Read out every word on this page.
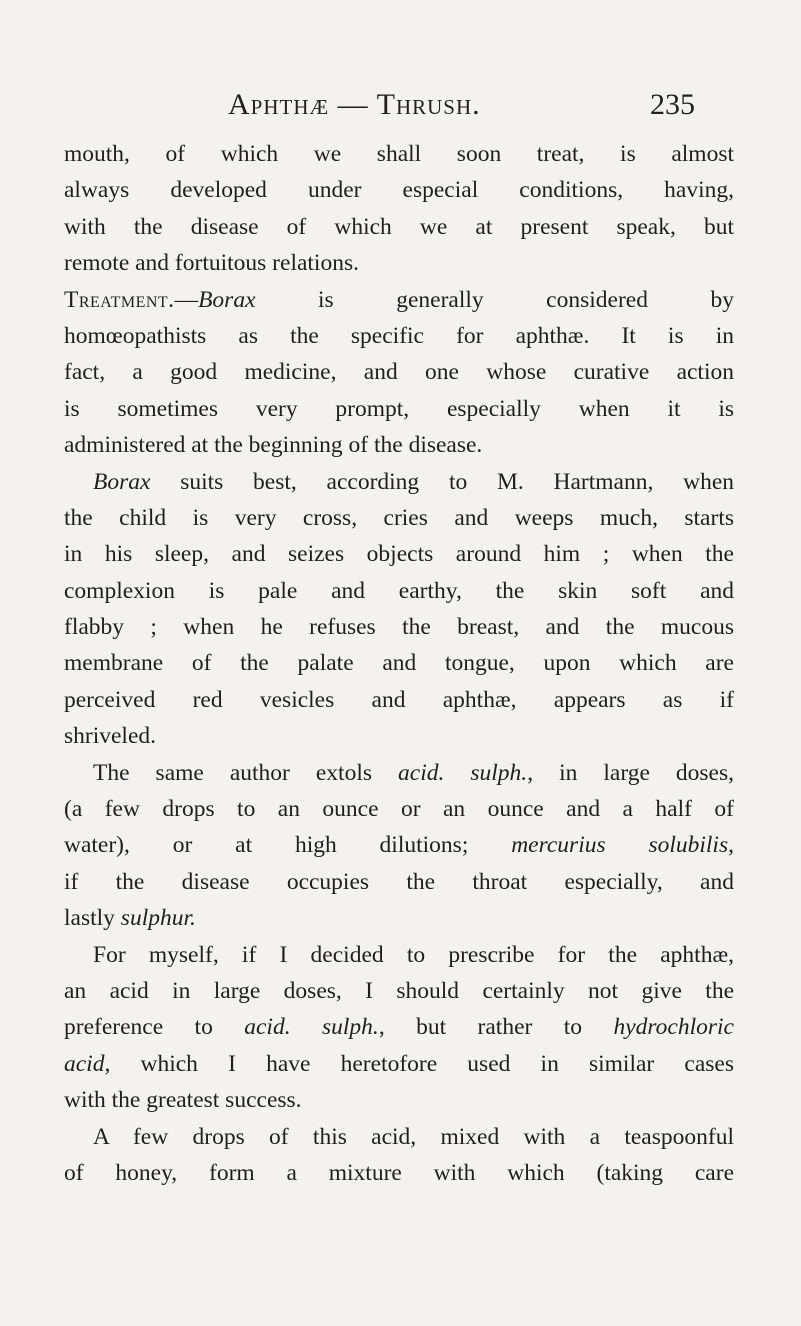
Aphthæ — Thrush.	235
mouth, of which we shall soon treat, is almost
always developed under especial conditions, having,
with the disease of which we at present speak, but
remote and fortuitous relations.
Treatment.—Borax is generally considered by
homœopathists as the specific for aphthæ. It is in
fact, a good medicine, and one whose curative action
is sometimes very prompt, especially when it is
administered at the beginning of the disease.
Borax suits best, according to M. Hartmann, when
the child is very cross, cries and weeps much, starts
in his sleep, and seizes objects around him ; when the
complexion is pale and earthy, the skin soft and
flabby ; when he refuses the breast, and the mucous
membrane of the palate and tongue, upon which are
perceived red vesicles and aphthæ, appears as if
shriveled.
The same author extols acid. sulph., in large doses,
(a few drops to an ounce or an ounce and a half of
water), or at high dilutions; mercurius solubilis,
if the disease occupies the throat especially, and
lastly sulphur.
For myself, if I decided to prescribe for the aphthæ,
an acid in large doses, I should certainly not give the
preference to acid. sulph., but rather to hydrochloric
acid, which I have heretofore used in similar cases
with the greatest success.
A few drops of this acid, mixed with a teaspoonful
of honey, form a mixture with which (taking care
